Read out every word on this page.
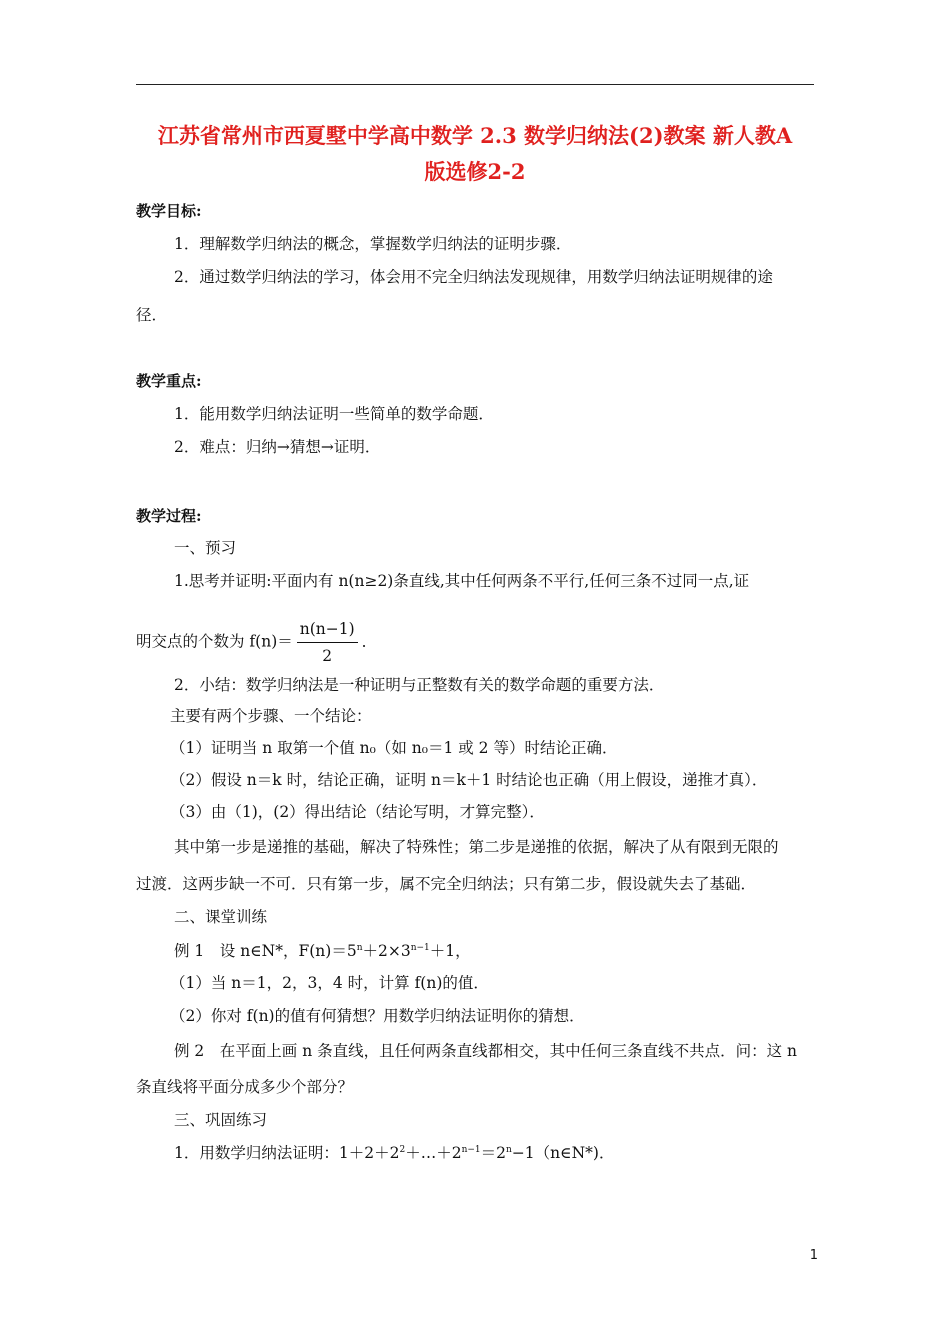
江苏省常州市西夏墅中学高中数学 2.3 数学归纳法(2)教案 新人教A
版选修2-2
教学目标:
1．理解数学归纳法的概念，掌握数学归纳法的证明步骤．
2．通过数学归纳法的学习，体会用不完全归纳法发现规律，用数学归纳法证明规律的途
径．
教学重点:
1．能用数学归纳法证明一些简单的数学命题．
2．难点：归纳→猜想→证明．
教学过程:
一、预习
1.思考并证明:平面内有 n(n≥2)条直线,其中任何两条不平行,任何三条不过同一点,证
明交点的个数为 $f(n)= \frac{n(n-1)}{2}$ ．
2．小结：数学归纳法是一种证明与正整数有关的数学命题的重要方法．
主要有两个步骤、一个结论：
（1）证明当 n 取第一个值 n₀（如 n₀＝1 或 2 等）时结论正确．
（2）假设 n＝k 时，结论正确，证明 n＝k＋1 时结论也正确（用上假设，递推才真）．
（3）由（1)，(2）得出结论（结论写明，才算完整）．
其中第一步是递推的基础，解决了特殊性；第二步是递推的依据，解决了从有限到无限的
过渡．这两步缺一不可．只有第一步，属不完全归纳法；只有第二步，假设就失去了基础．
二、课堂训练
例 1　设 n∈N*，$F(n)=5^n+2\times 3^{n-1}+1$，
（1）当 n＝1，2，3，4 时，计算 f(n)的值．
（2）你对 f(n)的值有何猜想？用数学归纳法证明你的猜想．
例 2　在平面上画 n 条直线，且任何两条直线都相交，其中任何三条直线不共点．问：这 n
条直线将平面分成多少个部分？
三、巩固练习
1．用数学归纳法证明：$1+2+2^2+\dots+2^{n-1}=2^n-1(n\in N*)$．
1
